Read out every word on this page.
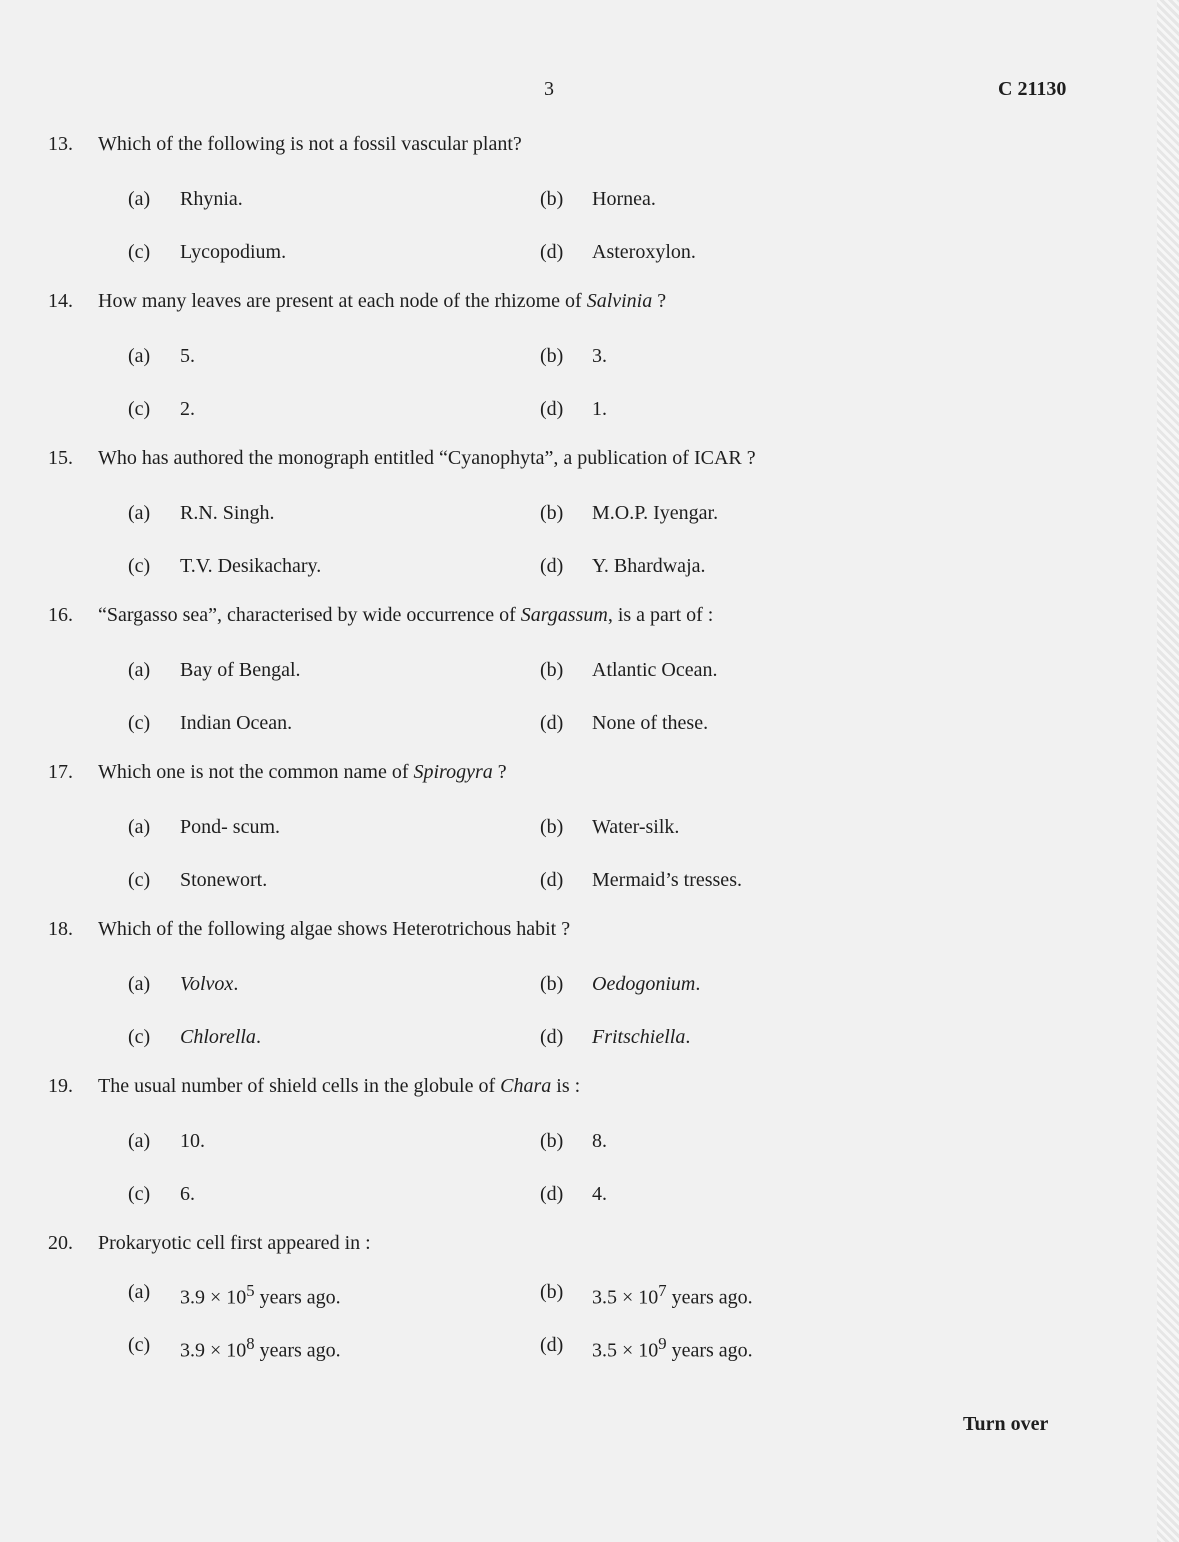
3	C 21130
13.	Which of the following is not a fossil vascular plant?
(a)	Rhynia.	(b)	Hornea.
(c)	Lycopodium.	(d)	Asteroxylon.
14.	How many leaves are present at each node of the rhizome of Salvinia ?
(a)	5.	(b)	3.
(c)	2.	(d)	1.
15.	Who has authored the monograph entitled “Cyanophyta”, a publication of ICAR ?
(a)	R.N. Singh.	(b)	M.O.P. Iyengar.
(c)	T.V. Desikachary.	(d)	Y. Bhardwaja.
16.	“Sargasso sea”, characterised by wide occurrence of Sargassum, is a part of :
(a)	Bay of Bengal.	(b)	Atlantic Ocean.
(c)	Indian Ocean.	(d)	None of these.
17.	Which one is not the common name of Spirogyra ?
(a)	Pond- scum.	(b)	Water-silk.
(c)	Stonewort.	(d)	Mermaid’s tresses.
18.	Which of the following algae shows Heterotrichous habit ?
(a)	Volvox.	(b)	Oedogonium.
(c)	Chlorella.	(d)	Fritschiella.
19.	The usual number of shield cells in the globule of Chara is :
(a)	10.	(b)	8.
(c)	6.	(d)	4.
20.	Prokaryotic cell first appeared in :
(a)	$3.9 \times 10^5$ years ago.	(b)	$3.5 \times 10^7$ years ago.
(c)	$3.9 \times 10^8$ years ago.	(d)	$3.5 \times 10^9$ years ago.
Turn over
